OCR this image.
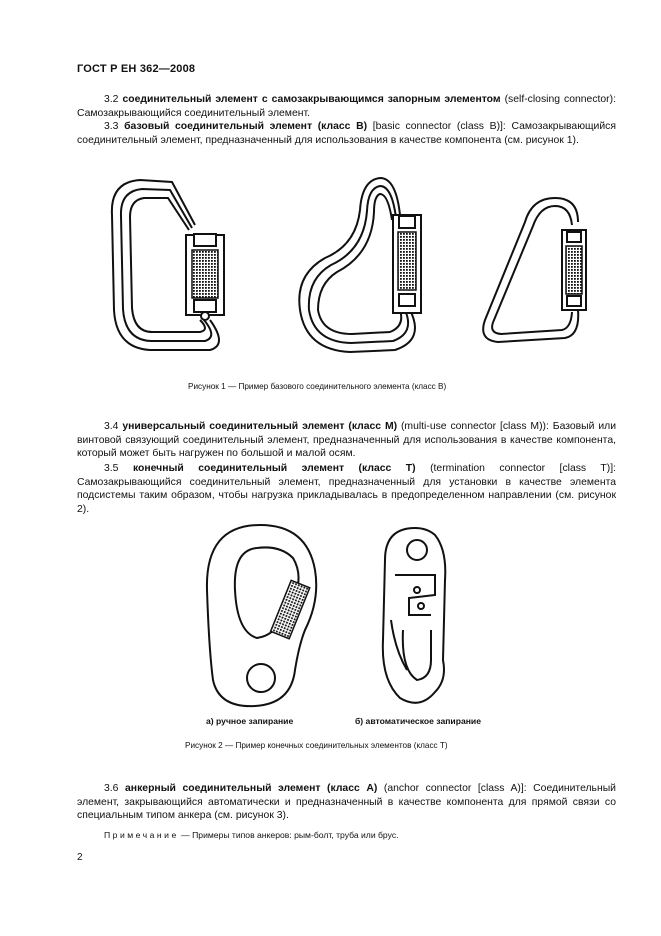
ГОСТ Р ЕН 362—2008
3.2 соединительный элемент с самозакрывающимся запорным элементом (self-closing connector): Самозакрывающийся соединительный элемент.
3.3 базовый соединительный элемент (класс В) [basic connector (class B)]: Самозакрывающийся соединительный элемент, предназначенный для использования в качестве компонента (см. рисунок 1).
Рисунок 1 — Пример базового соединительного элемента (класс В)
3.4 универсальный соединительный элемент (класс М) (multi-use connector [class M)): Базовый или винтовой связующий соединительный элемент, предназначенный для использования в качестве компонента, который может быть нагружен по большой и малой осям.
3.5 конечный соединительный элемент (класс Т) (termination connector [class T)]: Самозакрывающийся соединительный элемент, предназначенный для установки в качестве элемента подсистемы таким образом, чтобы нагрузка прикладывалась в предопределенном направлении (см. рисунок 2).
а) ручное запирание	б) автоматическое запирание
Рисунок 2 — Пример конечных соединительных элементов (класс Т)
3.6 анкерный соединительный элемент (класс А) (anchor connector [class A)]: Соединительный элемент, закрывающийся автоматически и предназначенный в качестве компонента для прямой связи со специальным типом анкера (см. рисунок 3).
Примечание — Примеры типов анкеров: рым-болт, труба или брус.
2
